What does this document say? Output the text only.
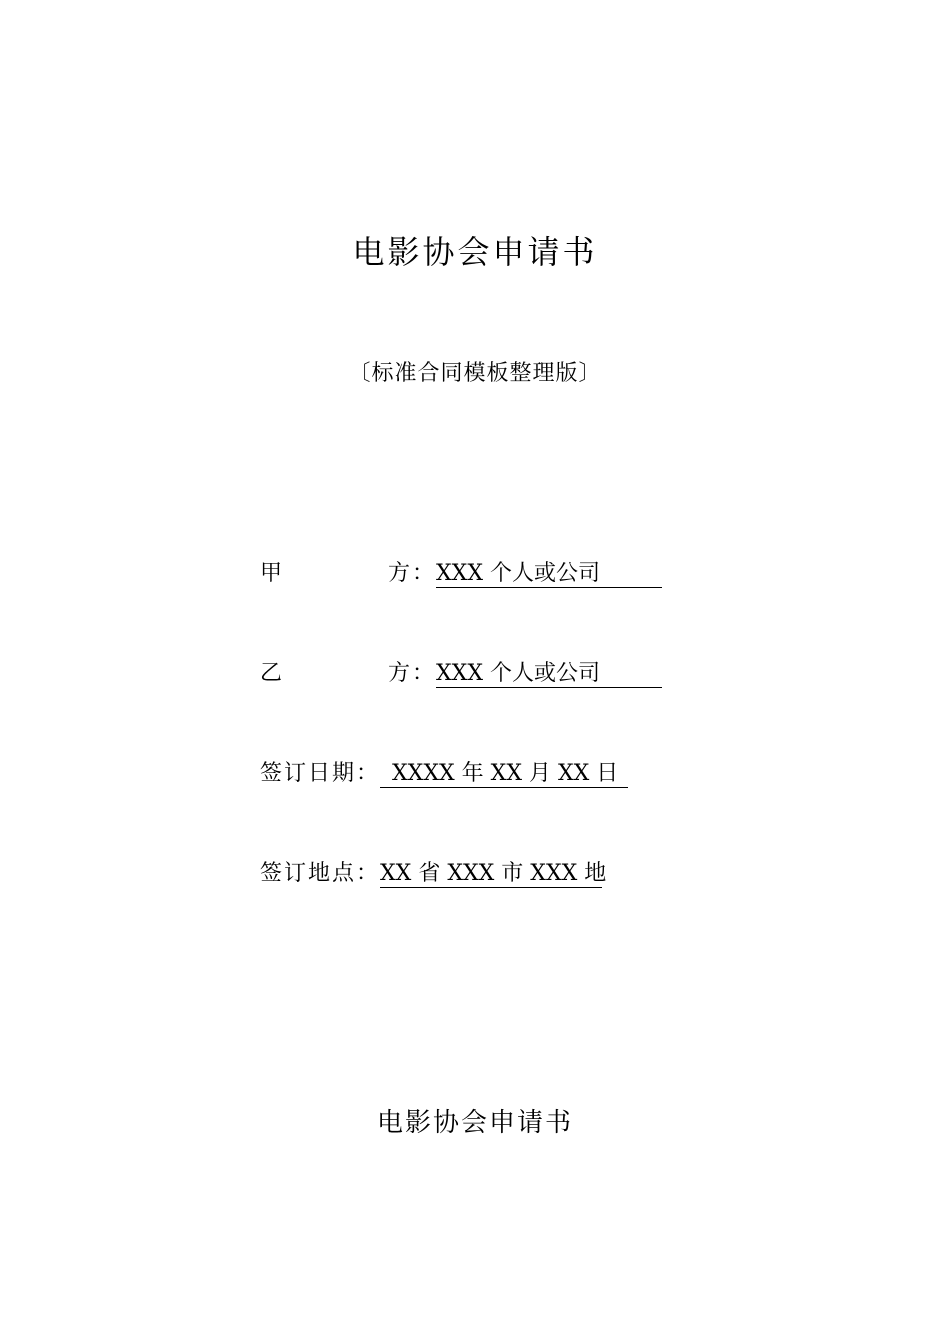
电影协会申请书
〔标准合同模板整理版〕
甲	方：XXX 个人或公司
乙	方：XXX 个人或公司
签订日期： XXXX 年 XX 月 XX 日
签订地点：XX 省 XXX 市 XXX 地
电影协会申请书
